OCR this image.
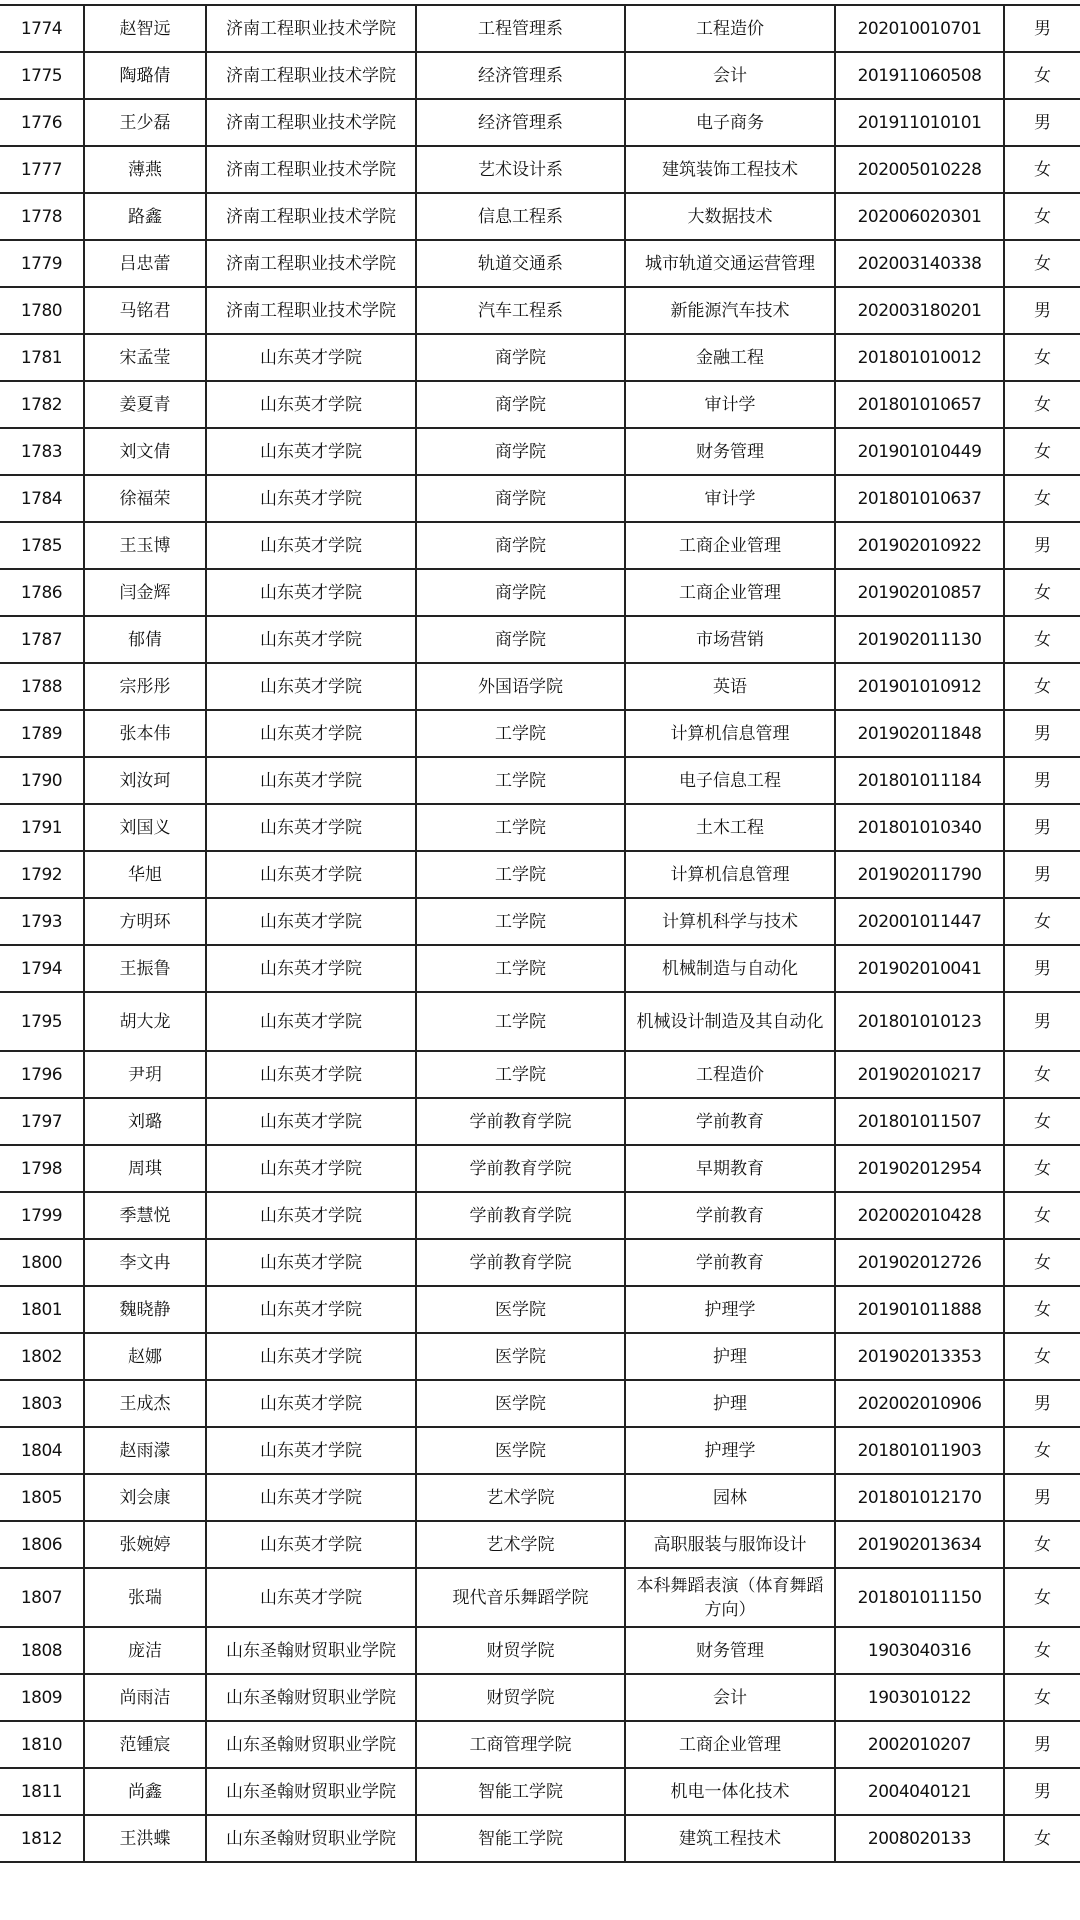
1774	赵智远	济南工程职业技术学院	工程管理系	工程造价	202010010701	男
1775	陶璐倩	济南工程职业技术学院	经济管理系	会计	201911060508	女
1776	王少磊	济南工程职业技术学院	经济管理系	电子商务	201911010101	男
1777	薄燕	济南工程职业技术学院	艺术设计系	建筑装饰工程技术	202005010228	女
1778	路鑫	济南工程职业技术学院	信息工程系	大数据技术	202006020301	女
1779	吕忠蕾	济南工程职业技术学院	轨道交通系	城市轨道交通运营管理	202003140338	女
1780	马铭君	济南工程职业技术学院	汽车工程系	新能源汽车技术	202003180201	男
1781	宋孟莹	山东英才学院	商学院	金融工程	201801010012	女
1782	姜夏青	山东英才学院	商学院	审计学	201801010657	女
1783	刘文倩	山东英才学院	商学院	财务管理	201901010449	女
1784	徐福荣	山东英才学院	商学院	审计学	201801010637	女
1785	王玉博	山东英才学院	商学院	工商企业管理	201902010922	男
1786	闫金辉	山东英才学院	商学院	工商企业管理	201902010857	女
1787	郁倩	山东英才学院	商学院	市场营销	201902011130	女
1788	宗彤彤	山东英才学院	外国语学院	英语	201901010912	女
1789	张本伟	山东英才学院	工学院	计算机信息管理	201902011848	男
1790	刘汝珂	山东英才学院	工学院	电子信息工程	201801011184	男
1791	刘国义	山东英才学院	工学院	土木工程	201801010340	男
1792	华旭	山东英才学院	工学院	计算机信息管理	201902011790	男
1793	方明环	山东英才学院	工学院	计算机科学与技术	202001011447	女
1794	王振鲁	山东英才学院	工学院	机械制造与自动化	201902010041	男
1795	胡大龙	山东英才学院	工学院	机械设计制造及其自动化	201801010123	男
1796	尹玥	山东英才学院	工学院	工程造价	201902010217	女
1797	刘璐	山东英才学院	学前教育学院	学前教育	201801011507	女
1798	周琪	山东英才学院	学前教育学院	早期教育	201902012954	女
1799	季慧悦	山东英才学院	学前教育学院	学前教育	202002010428	女
1800	李文冉	山东英才学院	学前教育学院	学前教育	201902012726	女
1801	魏晓静	山东英才学院	医学院	护理学	201901011888	女
1802	赵娜	山东英才学院	医学院	护理	201902013353	女
1803	王成杰	山东英才学院	医学院	护理	202002010906	男
1804	赵雨濛	山东英才学院	医学院	护理学	201801011903	女
1805	刘会康	山东英才学院	艺术学院	园林	201801012170	男
1806	张婉婷	山东英才学院	艺术学院	高职服装与服饰设计	201902013634	女
1807	张瑞	山东英才学院	现代音乐舞蹈学院	本科舞蹈表演（体育舞蹈方向）	201801011150	女
1808	庞洁	山东圣翰财贸职业学院	财贸学院	财务管理	1903040316	女
1809	尚雨洁	山东圣翰财贸职业学院	财贸学院	会计	1903010122	女
1810	范锺宸	山东圣翰财贸职业学院	工商管理学院	工商企业管理	2002010207	男
1811	尚鑫	山东圣翰财贸职业学院	智能工学院	机电一体化技术	2004040121	男
1812	王洪蝶	山东圣翰财贸职业学院	智能工学院	建筑工程技术	2008020133	女
